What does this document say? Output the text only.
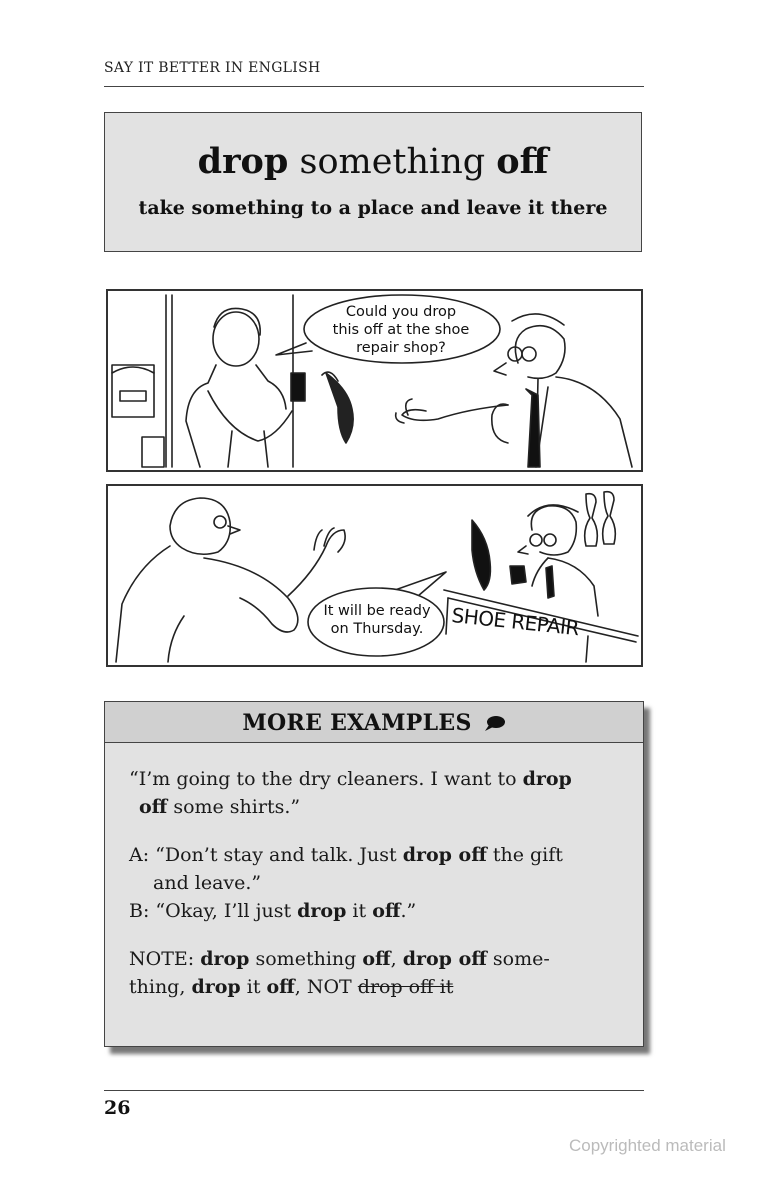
SAY IT BETTER IN ENGLISH
drop something off
take something to a place and leave it there
Could you drop
this off at the shoe
repair shop?
It will be ready
on Thursday.	SHOE REPAIR
MORE EXAMPLES
“I’m going to the dry cleaners. I want to drop
off some shirts.”
A: “Don’t stay and talk. Just drop off the gift
and leave.”
B: “Okay, I’ll just drop it off.”
NOTE: drop something off, drop off some-
thing, drop it off, NOT drop off it
26
Copyrighted material
